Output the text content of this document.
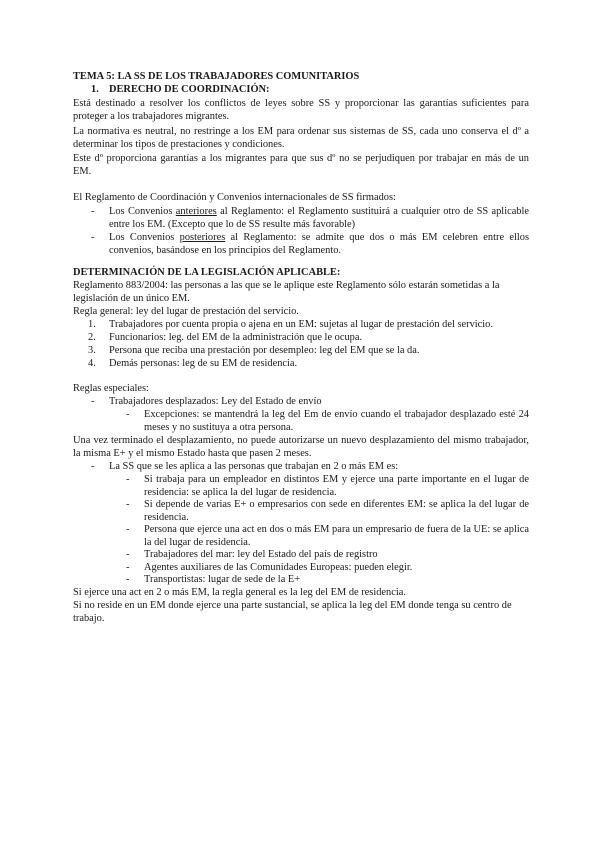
TEMA 5: LA SS DE LOS TRABAJADORES COMUNITARIOS
1. DERECHO DE COORDINACIÓN:
Está destinado a resolver los conflictos de leyes sobre SS y proporcionar las garantías suficientes para proteger a los trabajadores migrantes.
La normativa es neutral, no restringe a los EM para ordenar sus sistemas de SS, cada uno conserva el dº a determinar los tipos de prestaciones y condiciones.
Este dº proporciona garantías a los migrantes para que sus dº no se perjudiquen por trabajar en más de un EM.
El Reglamento de Coordinación y Convenios internacionales de SS firmados:
- Los Convenios anteriores al Reglamento: el Reglamento sustituirá a cualquier otro de SS aplicable entre los EM. (Excepto que lo de SS resulte más favorable)
- Los Convenios posteriores al Reglamento: se admite que dos o más EM celebren entre ellos convenios, basándose en los principios del Reglamento.
DETERMINACIÓN DE LA LEGISLACIÓN APLICABLE:
Reglamento 883/2004: las personas a las que se le aplique este Reglamento sólo estarán sometidas a la legislación de un único EM.
Regla general: ley del lugar de prestación del servicio.
1. Trabajadores por cuenta propia o ajena en un EM: sujetas al lugar de prestación del servicio.
2. Funcionarios: leg. del EM de la administración que le ocupa.
3. Persona que reciba una prestación por desempleo: leg del EM que se la da.
4. Demás personas: leg de su EM de residencia.
Reglas especiales:
- Trabajadores desplazados: Ley del Estado de envío
- Excepciones: se mantendrá la leg del Em de envío cuando el trabajador desplazado esté 24 meses y no sustituya a otra persona.
Una vez terminado el desplazamiento, no puede autorizarse un nuevo desplazamiento del mismo trabajador, la misma E+ y el mismo Estado hasta que pasen 2 meses.
- La SS que se les aplica a las personas que trabajan en 2 o más EM es:
- Si trabaja para un empleador en distintos EM y ejerce una parte importante en el lugar de residencia: se aplica la del lugar de residencia.
- Si depende de varias E+ o empresarios con sede en diferentes EM: se aplica la del lugar de residencia.
- Persona que ejerce una act en dos o más EM para un empresario de fuera de la UE: se aplica la del lugar de residencia.
- Trabajadores del mar: ley del Estado del país de registro
- Agentes auxiliares de las Comunidades Europeas: pueden elegir.
- Transportistas: lugar de sede de la E+
Si ejerce una act en 2 o más EM, la regla general es la leg del EM de residencia.
Si no reside en un EM donde ejerce una parte sustancial, se aplica la leg del EM donde tenga su centro de trabajo.
